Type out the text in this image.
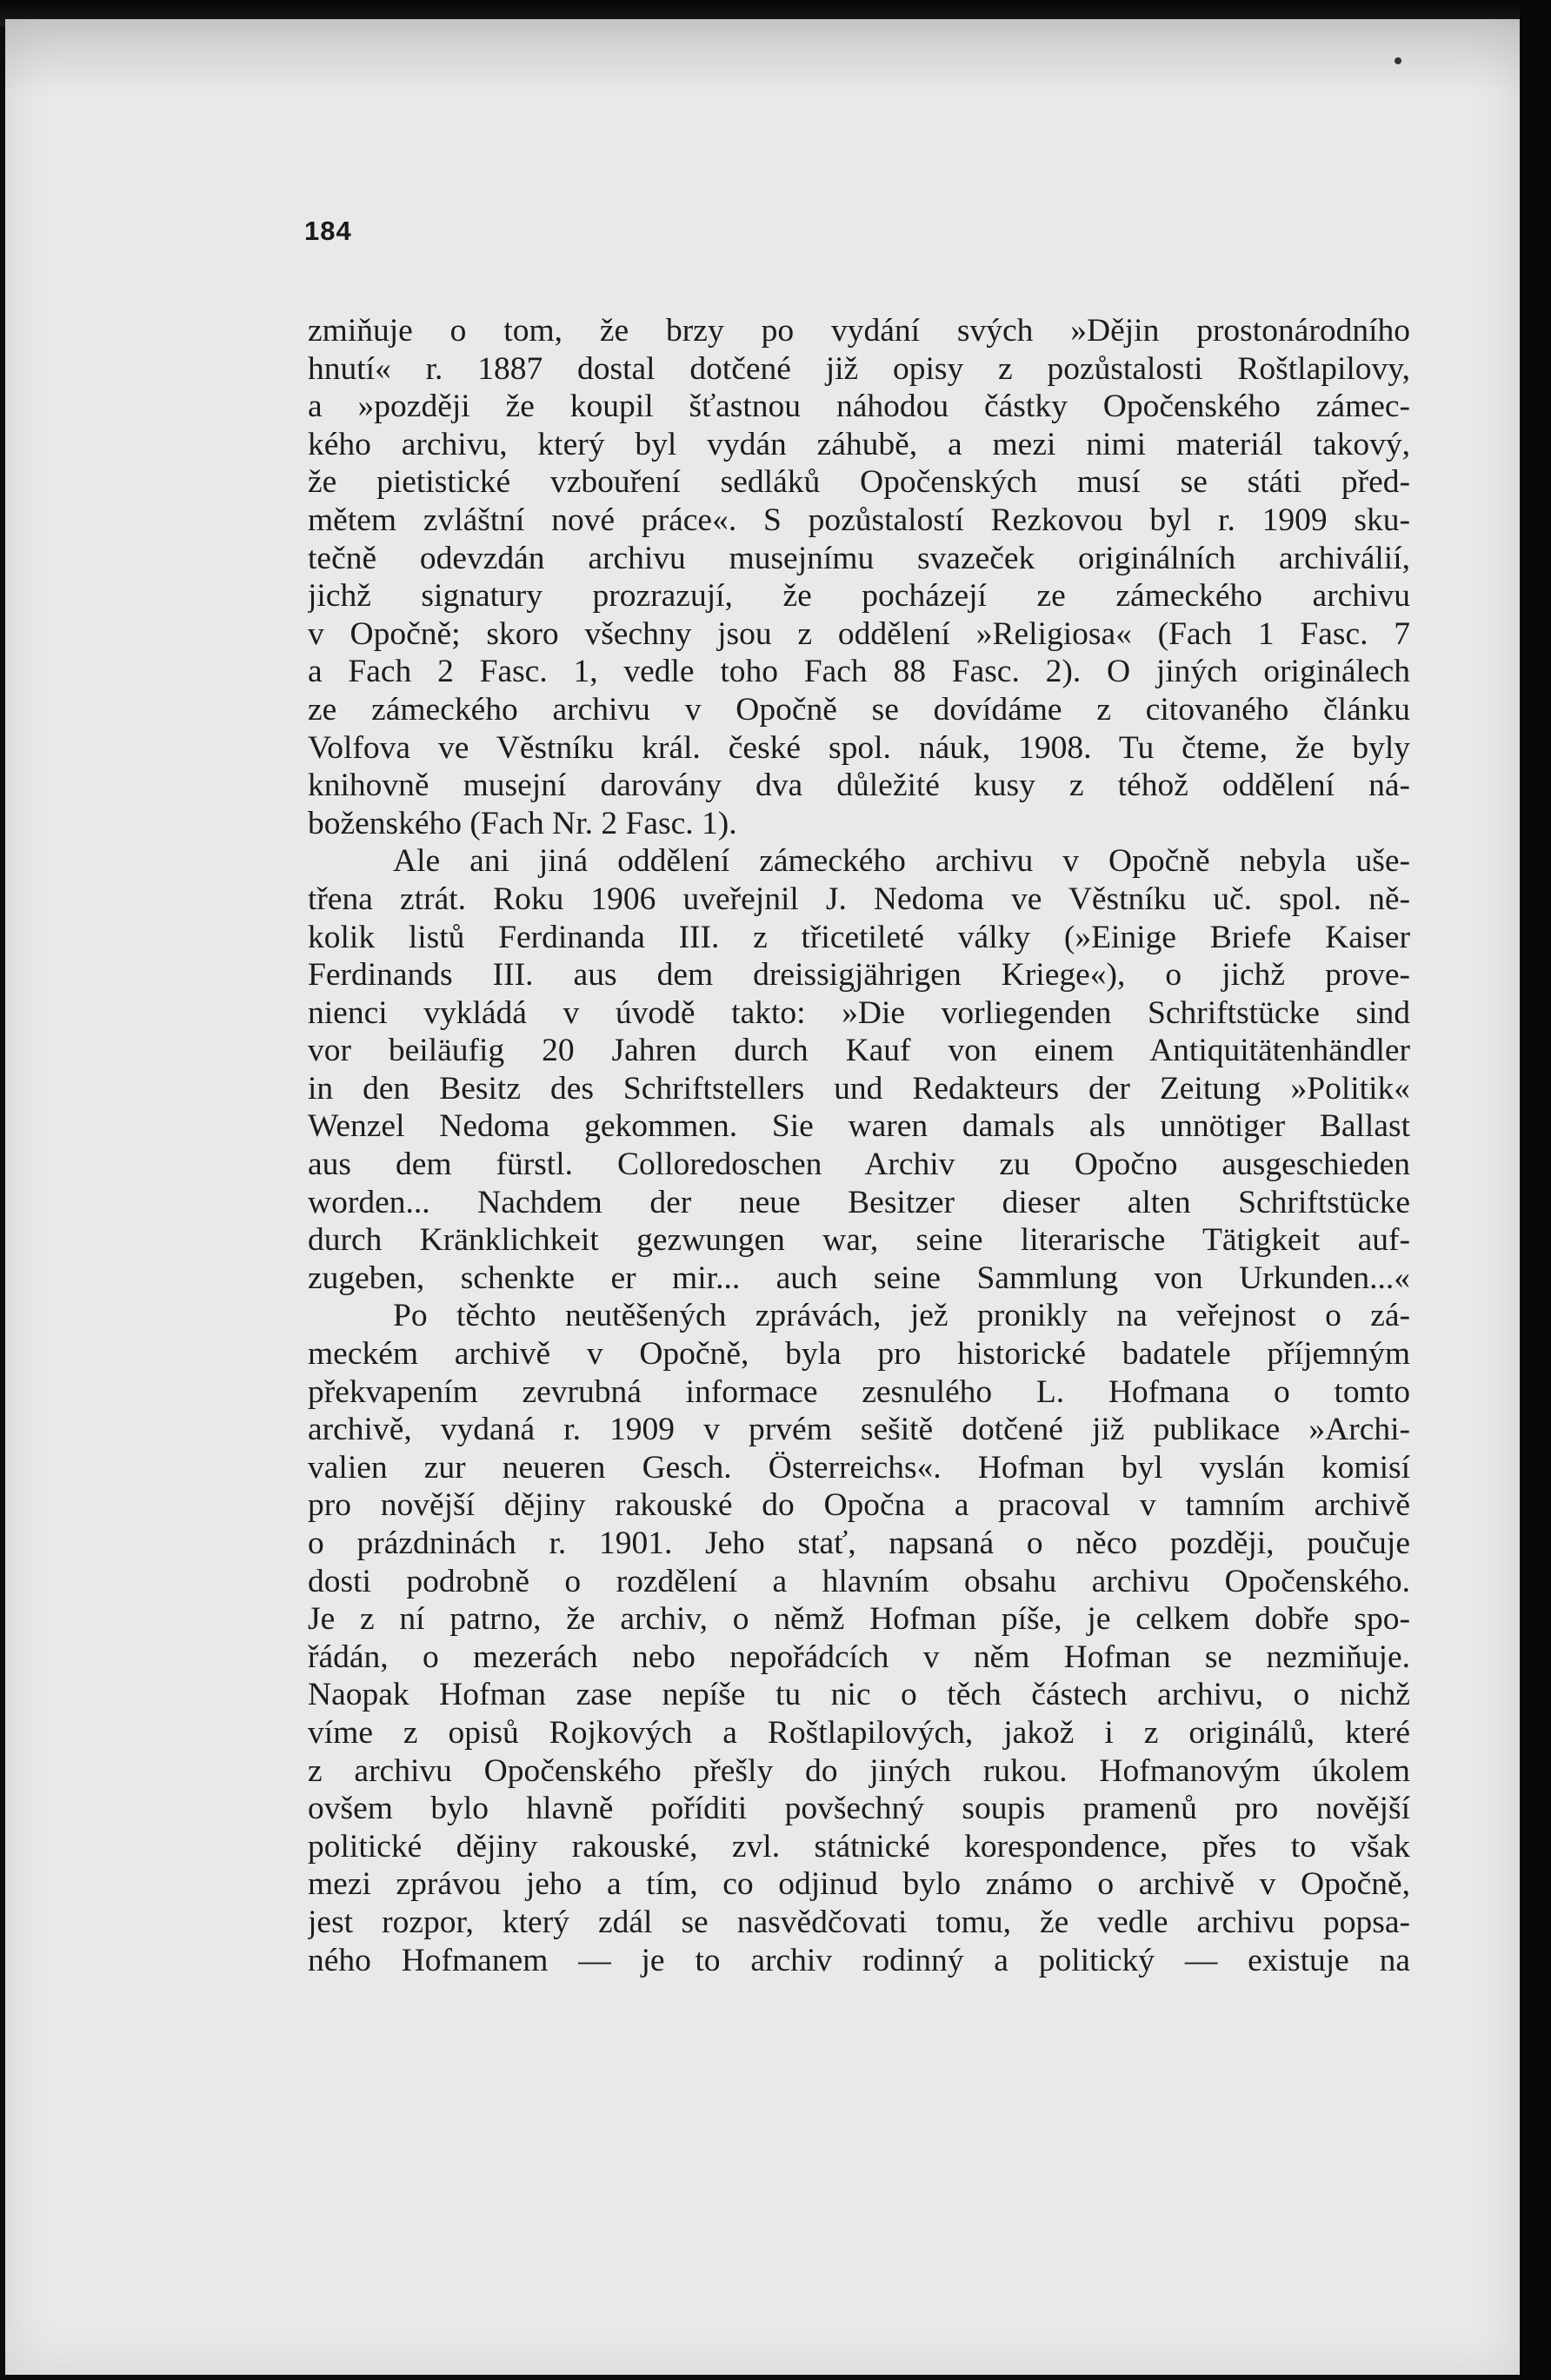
184
zmiňuje o tom, že brzy po vydání svých »Dějin prostonárodního
hnutí« r. 1887 dostal dotčené již opisy z pozůstalosti Roštlapilovy,
a »později že koupil šťastnou náhodou částky Opočenského zámec-
kého archivu, který byl vydán záhubě, a mezi nimi materiál takový,
že pietistické vzbouření sedláků Opočenských musí se státi před-
mětem zvláštní nové práce«. S pozůstalostí Rezkovou byl r. 1909 sku-
tečně odevzdán archivu musejnímu svazeček originálních archiválií,
jichž signatury prozrazují, že pocházejí ze zámeckého archivu
v Opočně; skoro všechny jsou z oddělení »Religiosa« (Fach 1 Fasc. 7
a Fach 2 Fasc. 1, vedle toho Fach 88 Fasc. 2). O jiných originálech
ze zámeckého archivu v Opočně se dovídáme z citovaného článku
Volfova ve Věstníku král. české spol. náuk, 1908. Tu čteme, že byly
knihovně musejní darovány dva důležité kusy z téhož oddělení ná-
boženského (Fach Nr. 2 Fasc. 1).
Ale ani jiná oddělení zámeckého archivu v Opočně nebyla uše-
třena ztrát. Roku 1906 uveřejnil J. Nedoma ve Věstníku uč. spol. ně-
kolik listů Ferdinanda III. z třicetileté války (»Einige Briefe Kaiser
Ferdinands III. aus dem dreissigjährigen Kriege«), o jichž prove-
nienci vykládá v úvodě takto: »Die vorliegenden Schriftstücke sind
vor beiläufig 20 Jahren durch Kauf von einem Antiquitätenhändler
in den Besitz des Schriftstellers und Redakteurs der Zeitung »Politik«
Wenzel Nedoma gekommen. Sie waren damals als unnötiger Ballast
aus dem fürstl. Colloredoschen Archiv zu Opočno ausgeschieden
worden... Nachdem der neue Besitzer dieser alten Schriftstücke
durch Kränklichkeit gezwungen war, seine literarische Tätigkeit auf-
zugeben, schenkte er mir... auch seine Sammlung von Urkunden...«
Po těchto neutěšených zprávách, jež pronikly na veřejnost o zá-
meckém archivě v Opočně, byla pro historické badatele příjemným
překvapením zevrubná informace zesnulého L. Hofmana o tomto
archivě, vydaná r. 1909 v prvém sešitě dotčené již publikace »Archi-
valien zur neueren Gesch. Österreichs«. Hofman byl vyslán komisí
pro novější dějiny rakouské do Opočna a pracoval v tamním archivě
o prázdninách r. 1901. Jeho stať, napsaná o něco později, poučuje
dosti podrobně o rozdělení a hlavním obsahu archivu Opočenského.
Je z ní patrno, že archiv, o němž Hofman píše, je celkem dobře spo-
řádán, o mezerách nebo nepořádcích v něm Hofman se nezmiňuje.
Naopak Hofman zase nepíše tu nic o těch částech archivu, o nichž
víme z opisů Rojkových a Roštlapilových, jakož i z originálů, které
z archivu Opočenského přešly do jiných rukou. Hofmanovým úkolem
ovšem bylo hlavně poříditi povšechný soupis pramenů pro novější
politické dějiny rakouské, zvl. státnické korespondence, přes to však
mezi zprávou jeho a tím, co odjinud bylo známo o archivě v Opočně,
jest rozpor, který zdál se nasvědčovati tomu, že vedle archivu popsa-
ného Hofmanem — je to archiv rodinný a politický — existuje na
